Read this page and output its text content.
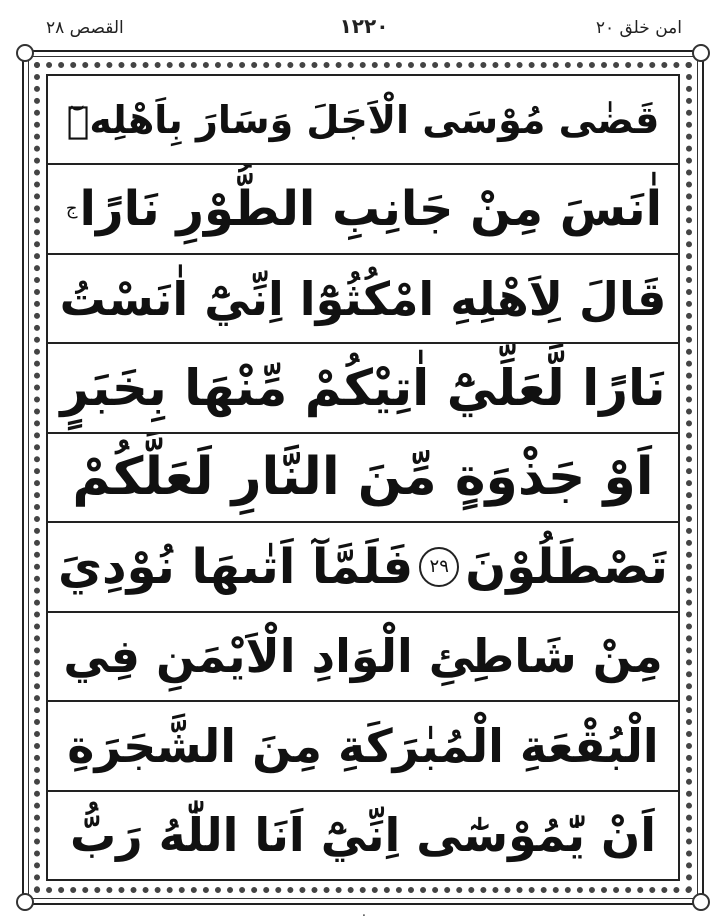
امن خلق ٢٠
١٢٢٠
القصص ٢٨
قَضٰى مُوْسَى الْاَجَلَ وَسَارَ بِاَهْلِهٖٓ
اٰنَسَ مِنْ جَانِبِ الطُّوْرِ نَارًا
ج
قَالَ لِاَهْلِهِ امْكُثُوْٓا اِنِّيْٓ اٰنَسْتُ
نَارًا لَّعَلِّيْٓ اٰتِيْكُمْ مِّنْهَا بِخَبَرٍ
اَوْ جَذْوَةٍ مِّنَ النَّارِ لَعَلَّكُمْ
تَصْطَلُوْنَ
٢٩
فَلَمَّآ اَتٰىهَا نُوْدِيَ
مِنْ شَاطِئِ الْوَادِ الْاَيْمَنِ فِي
الْبُقْعَةِ الْمُبٰرَكَةِ مِنَ الشَّجَرَةِ
اَنْ يّٰمُوْسٰٓى اِنِّيْٓ اَنَا اللّٰهُ رَبُّ
.
